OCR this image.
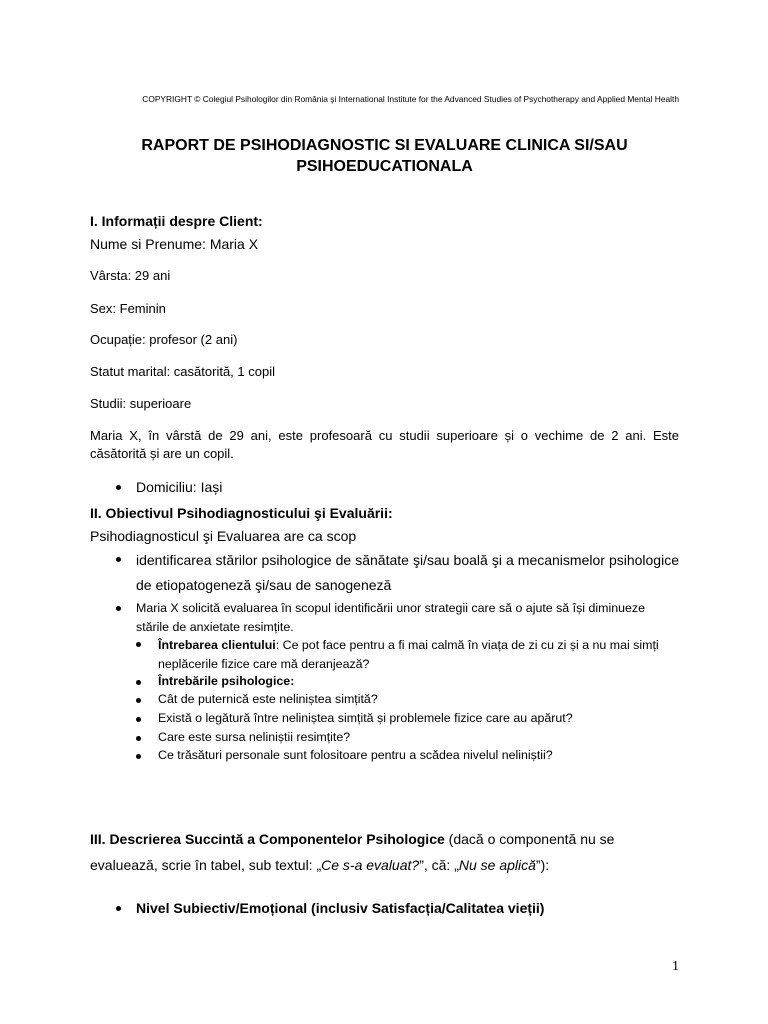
COPYRIGHT © Colegiul Psihologilor din România şi International Institute for the Advanced Studies of Psychotherapy and Applied Mental Health
RAPORT DE PSIHODIAGNOSTIC SI EVALUARE CLINICA SI/SAU PSIHOEDUCATIONALA
I. Informații despre Client:
Nume si Prenume: Maria X
Vârsta: 29 ani
Sex: Feminin
Ocupație: profesor (2 ani)
Statut marital: casătorită, 1 copil
Studii: superioare
Maria X, în vârstă de 29 ani, este profesoară cu studii superioare și o vechime de 2 ani. Este căsătorită și are un copil.
Domiciliu: Iași
II. Obiectivul Psihodiagnosticului şi Evaluării:
Psihodiagnosticul şi Evaluarea are ca scop
identificarea stărilor psihologice de sănătate şi/sau boală şi a mecanismelor psihologice de etiopatogeneză şi/sau de sanogeneză
Maria X solicită evaluarea în scopul identificării unor strategii care să o ajute să își diminueze stările de anxietate resimțite.
Întrebarea clientului: Ce pot face pentru a fi mai calmă în viața de zi cu zi și a nu mai simți neplăcerile fizice care mă deranjează?
Întrebările psihologice:
Cât de puternică este neliniștea simțită?
Există o legătură între neliniștea simțită și problemele fizice care au apărut?
Care este sursa neliniștii resimțite?
Ce trăsături personale sunt folositoare pentru a scădea nivelul neliniștii?
III. Descrierea Succintă a Componentelor Psihologice (dacă o componentă nu se evaluează, scrie în tabel, sub textul: „Ce s-a evaluat?”, că: „Nu se aplică”):
Nivel Subiectiv/Emoțional (inclusiv Satisfacția/Calitatea vieții)
1
